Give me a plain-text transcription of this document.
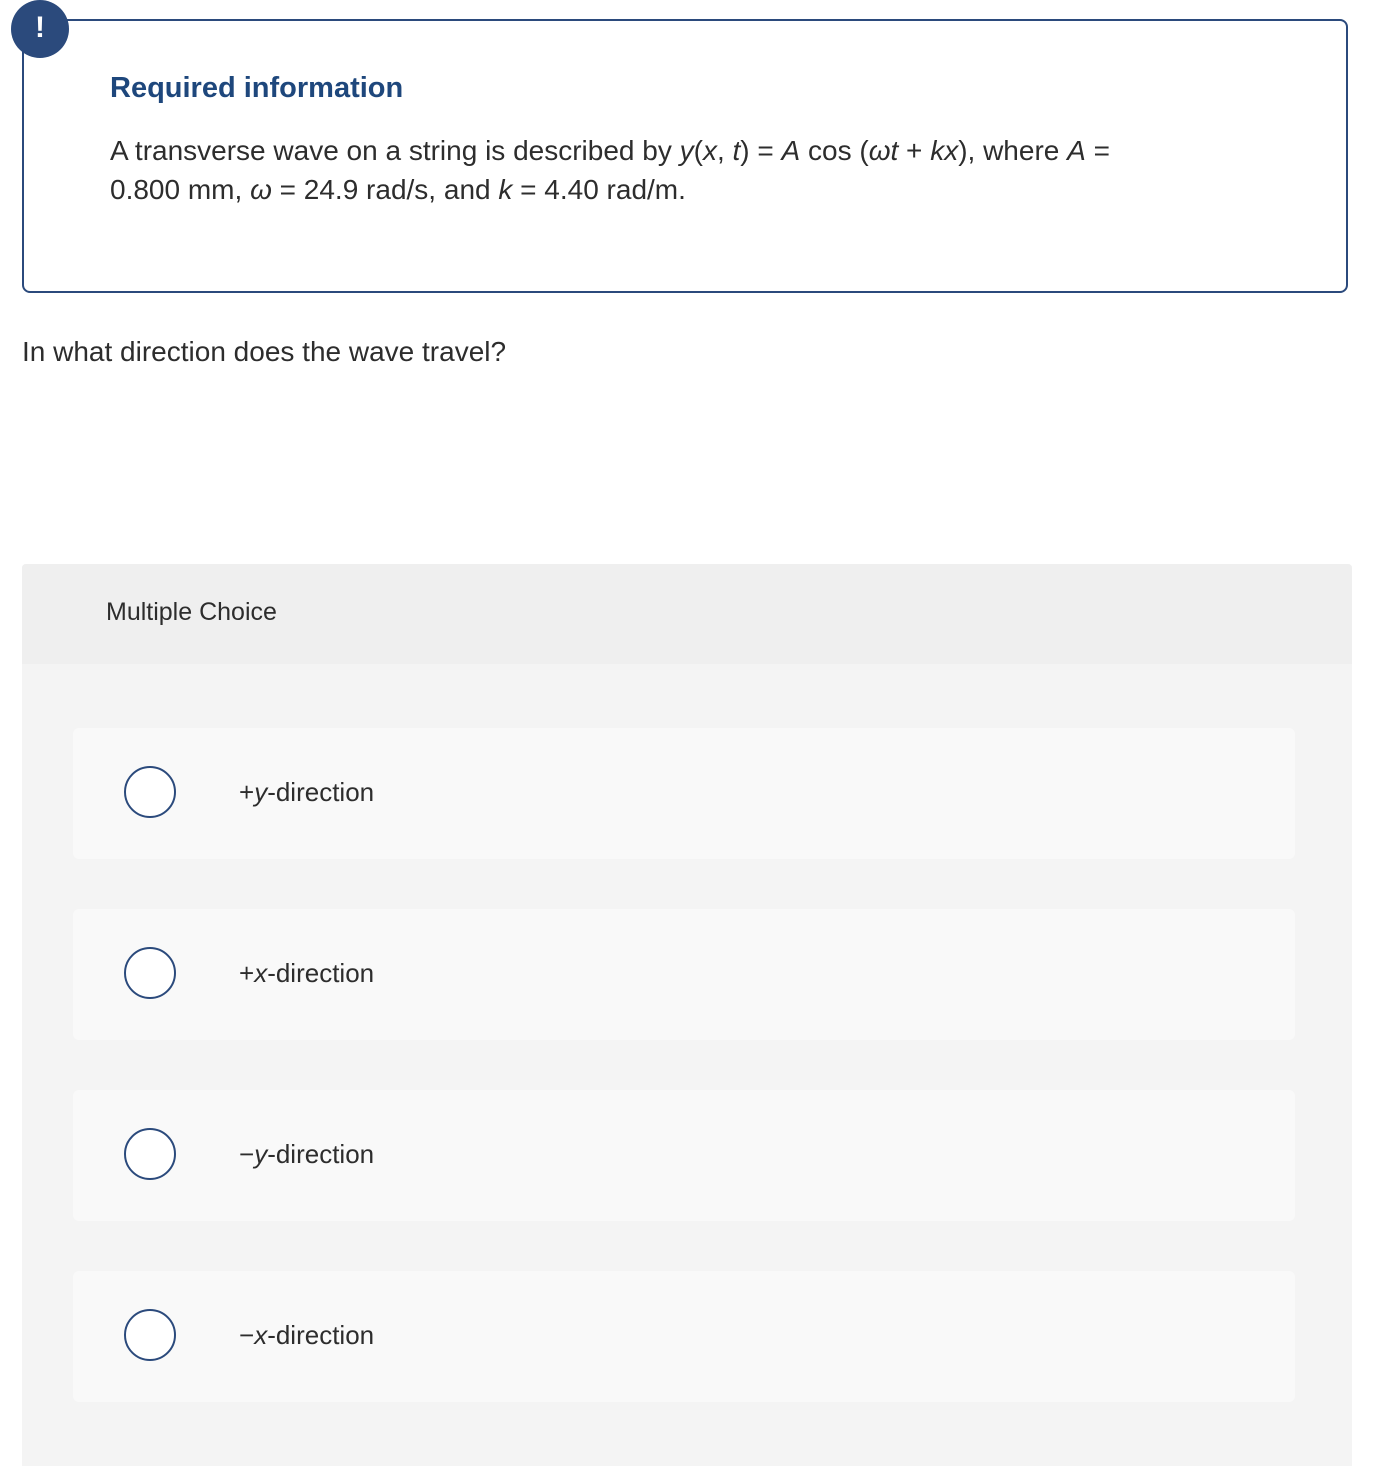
!
Required information
A transverse wave on a string is described by y(x, t) = A cos (ωt + kx), where A =
0.800 mm, ω = 24.9 rad/s, and k = 4.40 rad/m.
In what direction does the wave travel?
Multiple Choice
+y-direction
+x-direction
−y-direction
−x-direction
